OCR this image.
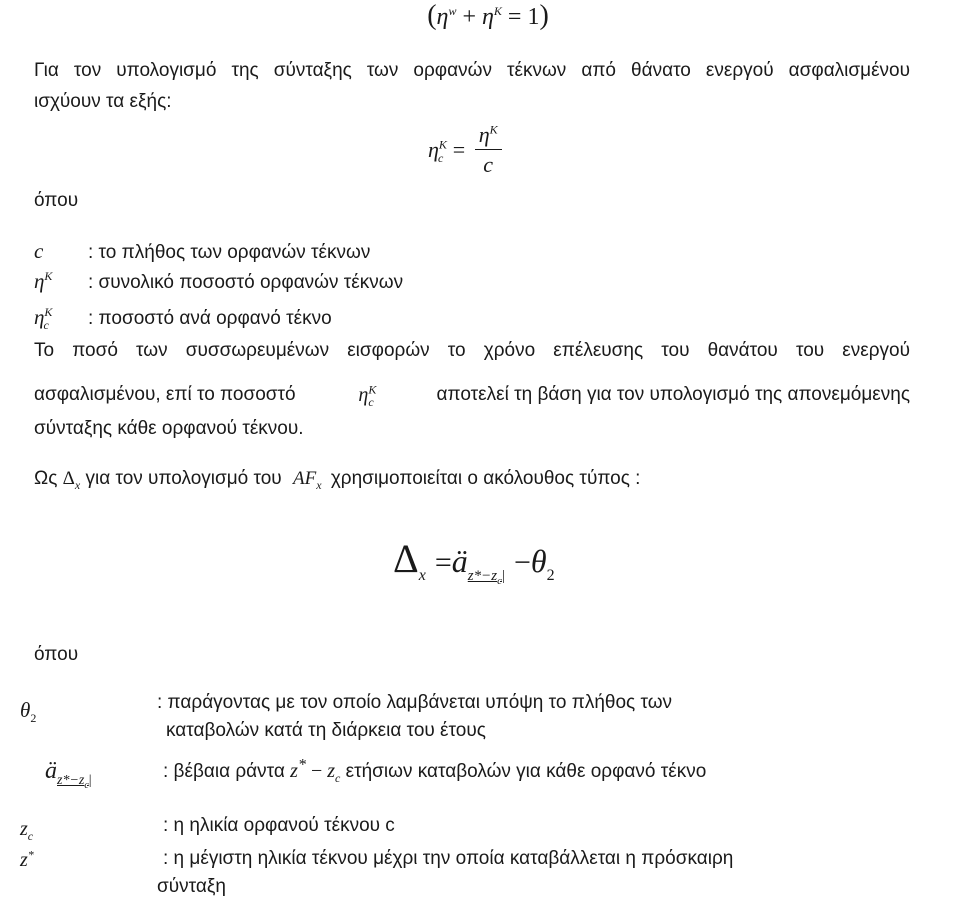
$(\eta^w + \eta^K = 1)$
Για τον υπολογισμό της σύνταξης των ορφανών τέκνων από θάνατο ενεργού ασφαλισμένου
ισχύουν τα εξής:
$\eta^K_c = \frac{\eta^K}{c}$
όπου
c : το πλήθος των ορφανών τέκνων
$\eta^K$ : συνολικό ποσοστό ορφανών τέκνων
$\eta^K_c$ : ποσοστό ανά ορφανό τέκνο
Το ποσό των συσσωρευμένων εισφορών το χρόνο επέλευσης του θανάτου του ενεργού
ασφαλισμένου, επί το ποσοστό	$\eta^K_c$	αποτελεί τη βάση για τον υπολογισμό της απονεμόμενης
σύνταξης κάθε ορφανού τέκνου.
Ως $\Delta_x$ για τον υπολογισμό του $AF_x$ χρησιμοποιείται ο ακόλουθος τύπος :
$\Delta_x$ $=ä_{z*-z_c|} -\theta_2$
όπου
$\theta_2$
: παράγοντας με τον οποίο λαμβάνεται υπόψη το πλήθος των
καταβολών κατά τη διάρκεια του έτους
$ä_{z*-z_c|}$	: βέβαια ράντα $z^* - z_c$ ετήσιων καταβολών για κάθε ορφανό τέκνο
$z_c$	: η ηλικία ορφανού τέκνου c
z*	: η μέγιστη ηλικία τέκνου μέχρι την οποία καταβάλλεται η πρόσκαιρη
σύνταξη
